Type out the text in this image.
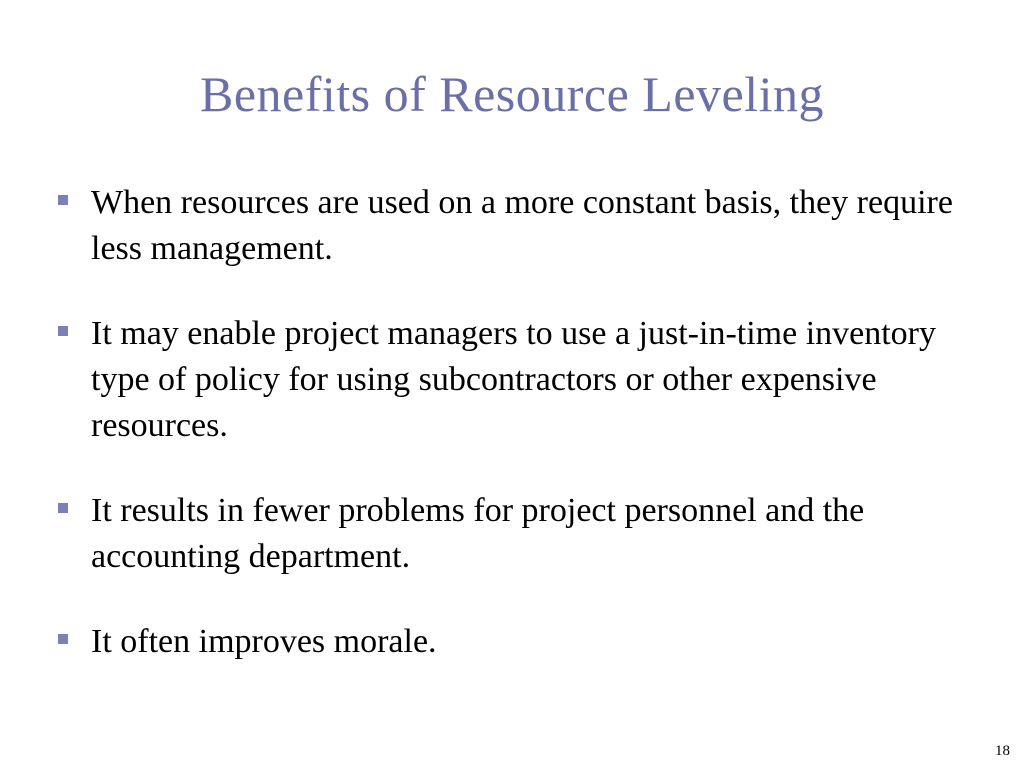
Benefits of Resource Leveling
When resources are used on a more constant basis, they require less management.
It may enable project managers to use a just-in-time inventory type of policy for using subcontractors or other expensive resources.
It results in fewer problems for project personnel and the accounting department.
It often improves morale.
18
